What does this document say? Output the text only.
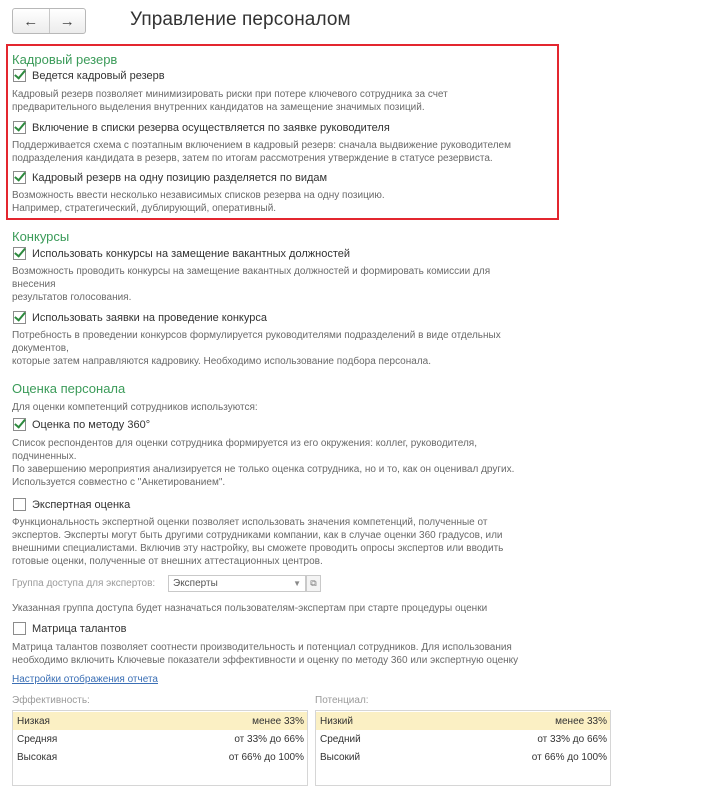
← →	Управление персоналом
Кадровый резерв
Ведется кадровый резерв
Кадровый резерв позволяет минимизировать риски при потере ключевого сотрудника за счет
предварительного выделения внутренних кандидатов на замещение значимых позиций.
Включение в списки резерва осуществляется по заявке руководителя
Поддерживается схема с поэтапным включением в кадровый резерв: сначала выдвижение руководителем
подразделения кандидата в резерв, затем по итогам рассмотрения утверждение в статусе резервиста.
Кадровый резерв на одну позицию разделяется по видам
Возможность ввести несколько независимых списков резерва на одну позицию.
Например, стратегический, дублирующий, оперативный.
Конкурсы
Использовать конкурсы на замещение вакантных должностей
Возможность проводить конкурсы на замещение вакантных должностей и формировать комиссии для
внесения
результатов голосования.
Использовать заявки на проведение конкурса
Потребность в проведении конкурсов формулируется руководителями подразделений в виде отдельных
документов,
которые затем направляются кадровику. Необходимо использование подбора персонала.
Оценка персонала
Для оценки компетенций сотрудников используются:
Оценка по методу 360°
Список респондентов для оценки сотрудника формируется из его окружения: коллег, руководителя,
подчиненных.
По завершению мероприятия анализируется не только оценка сотрудника, но и то, как он оценивал других.
Используется совместно с "Анкетированием".
Экспертная оценка
Функциональность экспертной оценки позволяет использовать значения компетенций, полученные от
экспертов. Эксперты могут быть другими сотрудниками компании, как в случае оценки 360 градусов, или
внешними специалистами. Включив эту настройку, вы сможете проводить опросы экспертов или вводить
готовые оценки, полученные от внешних аттестационных центров.
Группа доступа для экспертов: Эксперты	▼ ⧉
Указанная группа доступа будет назначаться пользователям-экспертам при старте процедуры оценки
Матрица талантов
Матрица талантов позволяет соотнести производительность и потенциал сотрудников. Для использования
необходимо включить Ключевые показатели эффективности и оценку по методу 360 или экспертную оценку
Настройки отображения отчета
Эффективность:
Низкая	менее 33%
Средняя	от 33% до 66%
Высокая	от 66% до 100%
Потенциал:
Низкий	менее 33%
Средний	от 33% до 66%
Высокий	от 66% до 100%
